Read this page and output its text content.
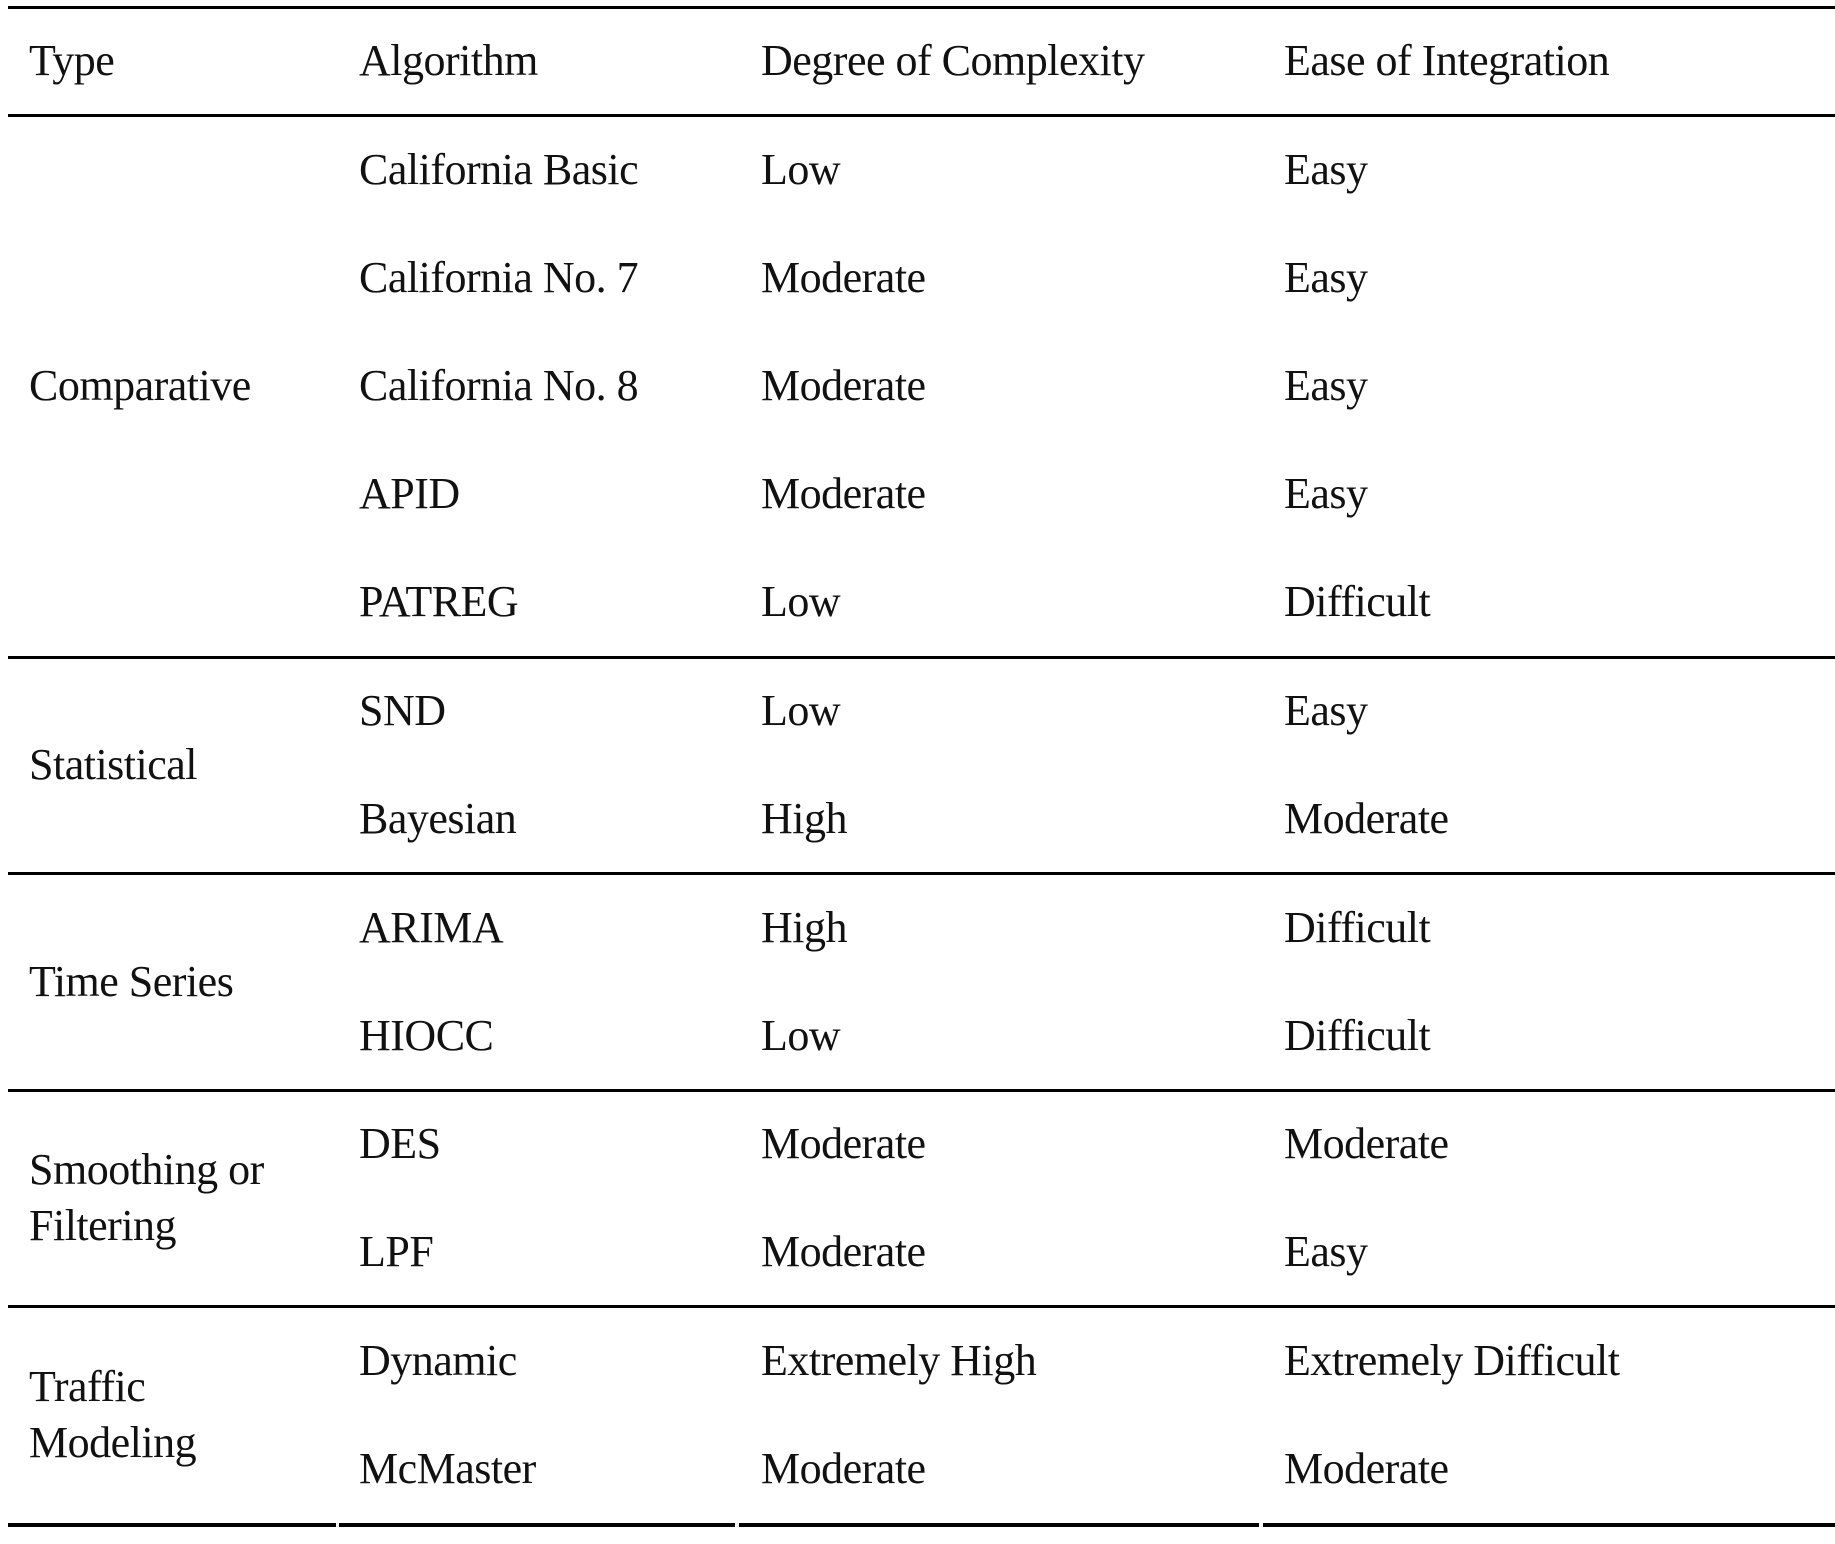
Type	Algorithm	Degree of Complexity	Ease of Integration
Comparative
California Basic	Low	Easy
California No. 7	Moderate	Easy
California No. 8	Moderate	Easy
APID	Moderate	Easy
PATREG	Low	Difficult
Statistical
SND	Low	Easy
Bayesian	High	Moderate
Time Series
ARIMA	High	Difficult
HIOCC	Low	Difficult
Smoothing or
Filtering
DES	Moderate	Moderate
LPF	Moderate	Easy
Traffic
Modeling
Dynamic	Extremely High	Extremely Difficult
McMaster	Moderate	Moderate
